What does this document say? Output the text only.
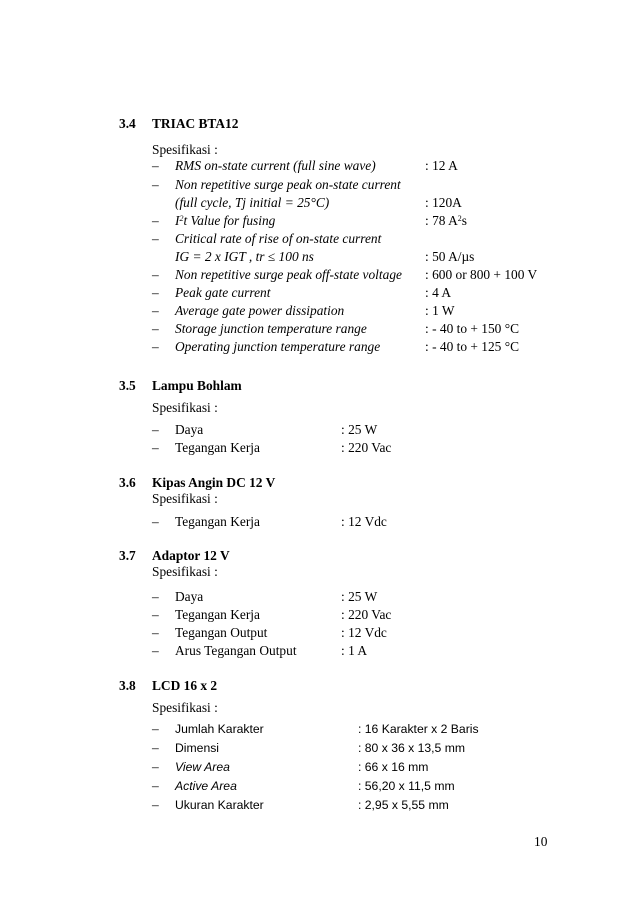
3.4 TRIAC BTA12
Spesifikasi :
– RMS on-state current (full sine wave)	: 12 A
– Non repetitive surge peak on-state current
(full cycle, Tj initial = 25°C)	: 120A
– $I^2t$ Value for fusing	: 78 $A^2s$
– Critical rate of rise of on-state current
IG = 2 x IGT , tr ≤ 100 ns	: 50 A/µs
– Non repetitive surge peak off-state voltage : 600 or 800 + 100 V
– Peak gate current	: 4 A
– Average gate power dissipation	: 1 W
– Storage junction temperature range	: - 40 to + 150 °C
– Operating junction temperature range	: - 40 to + 125 °C
3.5 Lampu Bohlam
Spesifikasi :
– Daya	: 25 W
– Tegangan Kerja	: 220 Vac
3.6 Kipas Angin DC 12 V
Spesifikasi :
– Tegangan Kerja	: 12 Vdc
3.7 Adaptor 12 V
Spesifikasi :
– Daya	: 25 W
– Tegangan Kerja	: 220 Vac
– Tegangan Output	: 12 Vdc
– Arus Tegangan Output	: 1 A
3.8 LCD 16 x 2
Spesifikasi :
– Jumlah Karakter	: 16 Karakter x 2 Baris
– Dimensi	: 80 x 36 x 13,5 mm
– View Area	: 66 x 16 mm
– Active Area	: 56,20 x 11,5 mm
– Ukuran Karakter	: 2,95 x 5,55 mm
10
